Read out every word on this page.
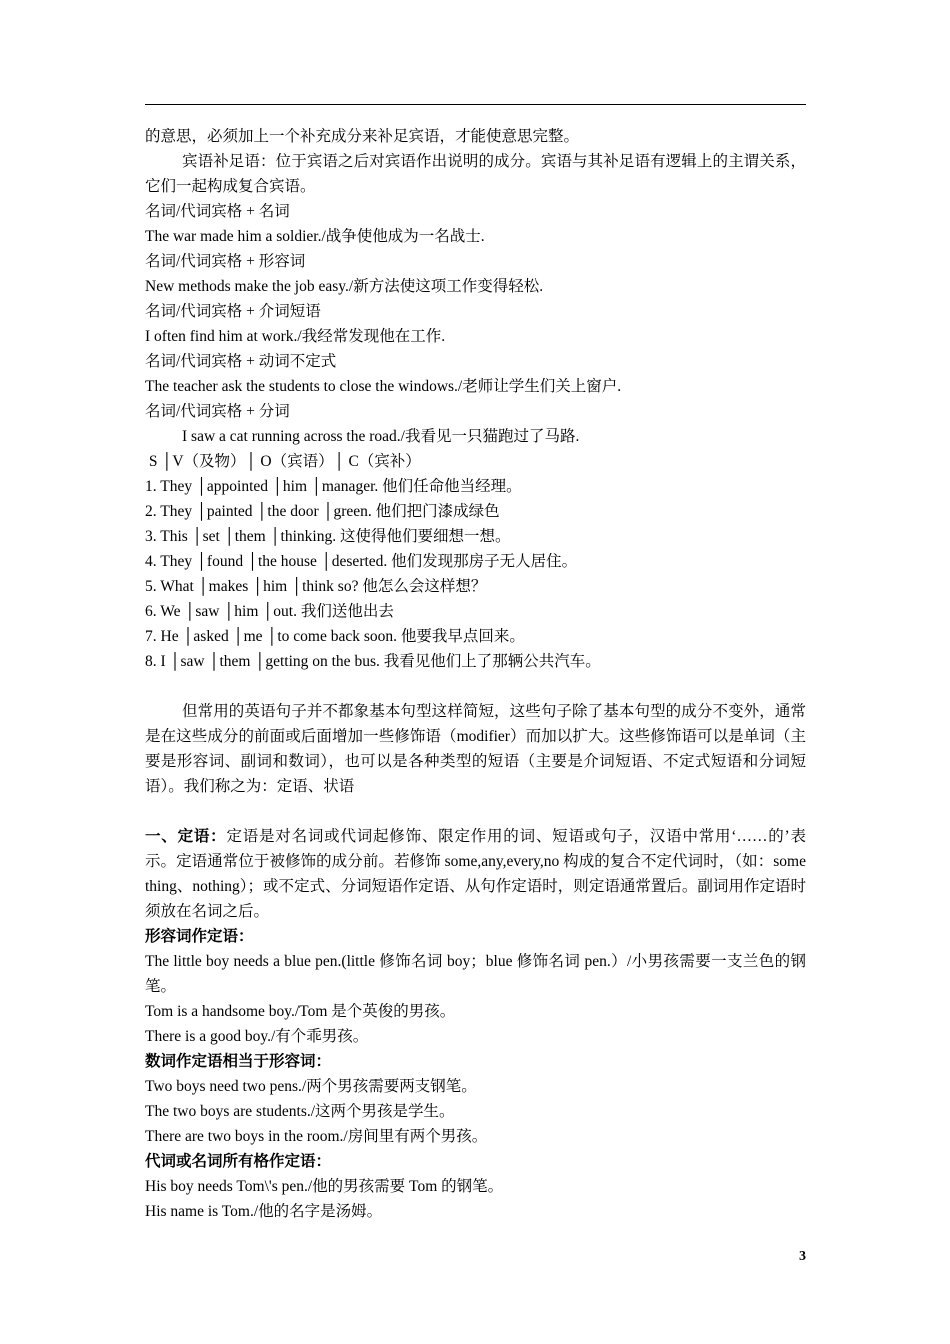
的意思，必须加上一个补充成分来补足宾语，才能使意思完整。
宾语补足语：位于宾语之后对宾语作出说明的成分。宾语与其补足语有逻辑上的主谓关系，它们一起构成复合宾语。
名词/代词宾格 + 名词
The war made him a soldier./战争使他成为一名战士.
名词/代词宾格 + 形容词
New methods make the job easy./新方法使这项工作变得轻松.
名词/代词宾格 + 介词短语
I often find him at work./我经常发现他在工作.
名词/代词宾格 + 动词不定式
The teacher ask the students to close the windows./老师让学生们关上窗户.
名词/代词宾格 + 分词
I saw a cat running across the road./我看见一只猫跑过了马路.
S │V（及物）│ O（宾语）│ C（宾补）
1. They │appointed │him │manager. 他们任命他当经理。
2. They │painted │the door │green. 他们把门漆成绿色
3. This │set │them │thinking. 这使得他们要细想一想。
4. They │found │the house │deserted. 他们发现那房子无人居住。
5. What │makes │him │think so? 他怎么会这样想？
6. We │saw │him │out. 我们送他出去
7. He │asked │me │to come back soon. 他要我早点回来。
8. I │saw │them │getting on the bus. 我看见他们上了那辆公共汽车。
但常用的英语句子并不都象基本句型这样简短，这些句子除了基本句型的成分不变外，通常是在这些成分的前面或后面增加一些修饰语（modifier）而加以扩大。这些修饰语可以是单词（主要是形容词、副词和数词），也可以是各种类型的短语（主要是介词短语、不定式短语和分词短语）。我们称之为：定语、状语
一、定语：定语是对名词或代词起修饰、限定作用的词、短语或句子，汉语中常用‘……的’表示。定语通常位于被修饰的成分前。若修饰 some,any,every,no 构成的复合不定代词时，（如：something、nothing）；或不定式、分词短语作定语、从句作定语时，则定语通常置后。副词用作定语时须放在名词之后。
形容词作定语：
The little boy needs a blue pen.(little 修饰名词 boy；blue 修饰名词 pen.）/小男孩需要一支兰色的钢笔。
Tom is a handsome boy./Tom 是个英俊的男孩。
There is a good boy./有个乖男孩。
数词作定语相当于形容词：
Two boys need two pens./两个男孩需要两支钢笔。
The two boys are students./这两个男孩是学生。
There are two boys in the room./房间里有两个男孩。
代词或名词所有格作定语：
His boy needs Tom\'s pen./他的男孩需要 Tom 的钢笔。
His name is Tom./他的名字是汤姆。
3
